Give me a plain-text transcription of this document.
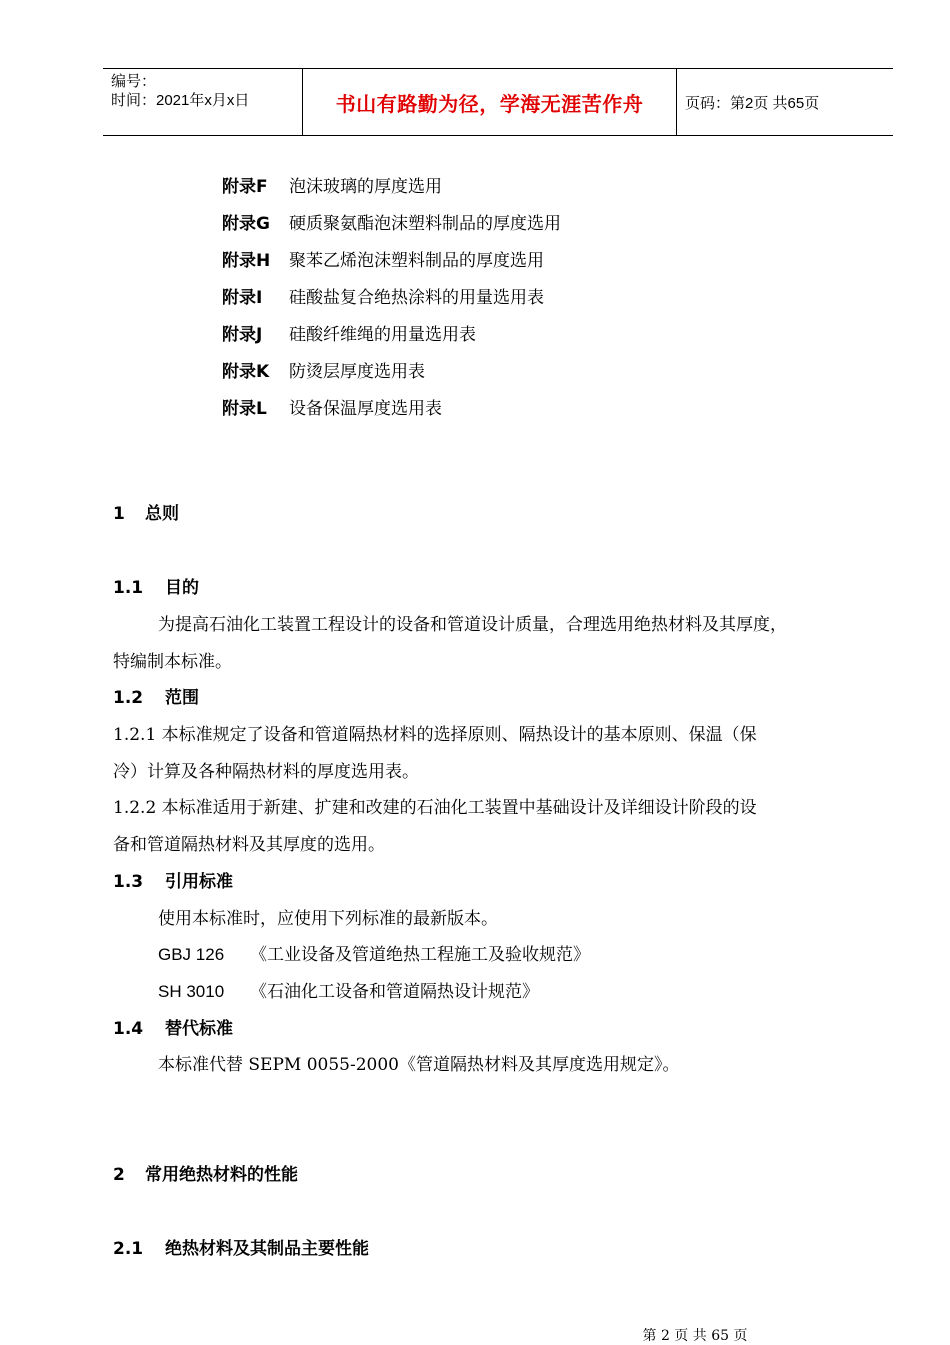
编号：
时间：2021年x月x日	书山有路勤为径，学海无涯苦作舟	页码：第2页 共65页
附录F	泡沫玻璃的厚度选用
附录G	硬质聚氨酯泡沫塑料制品的厚度选用
附录H	聚苯乙烯泡沫塑料制品的厚度选用
附录I	硅酸盐复合绝热涂料的用量选用表
附录J	硅酸纤维绳的用量选用表
附录K	防烫层厚度选用表
附录L	设备保温厚度选用表
1 总则
1.1 目的
为提高石油化工装置工程设计的设备和管道设计质量，合理选用绝热材料及其厚度，
特编制本标准。
1.2 范围
1.2.1 本标准规定了设备和管道隔热材料的选择原则、隔热设计的基本原则、保温（保
冷）计算及各种隔热材料的厚度选用表。
1.2.2 本标准适用于新建、扩建和改建的石油化工装置中基础设计及详细设计阶段的设
备和管道隔热材料及其厚度的选用。
1.3 引用标准
使用本标准时，应使用下列标准的最新版本。
GBJ 126 《工业设备及管道绝热工程施工及验收规范》
SH 3010 《石油化工设备和管道隔热设计规范》
1.4 替代标准
本标准代替 SEPM 0055-2000《管道隔热材料及其厚度选用规定》。
2 常用绝热材料的性能
2.1 绝热材料及其制品主要性能
第 2 页 共 65 页
